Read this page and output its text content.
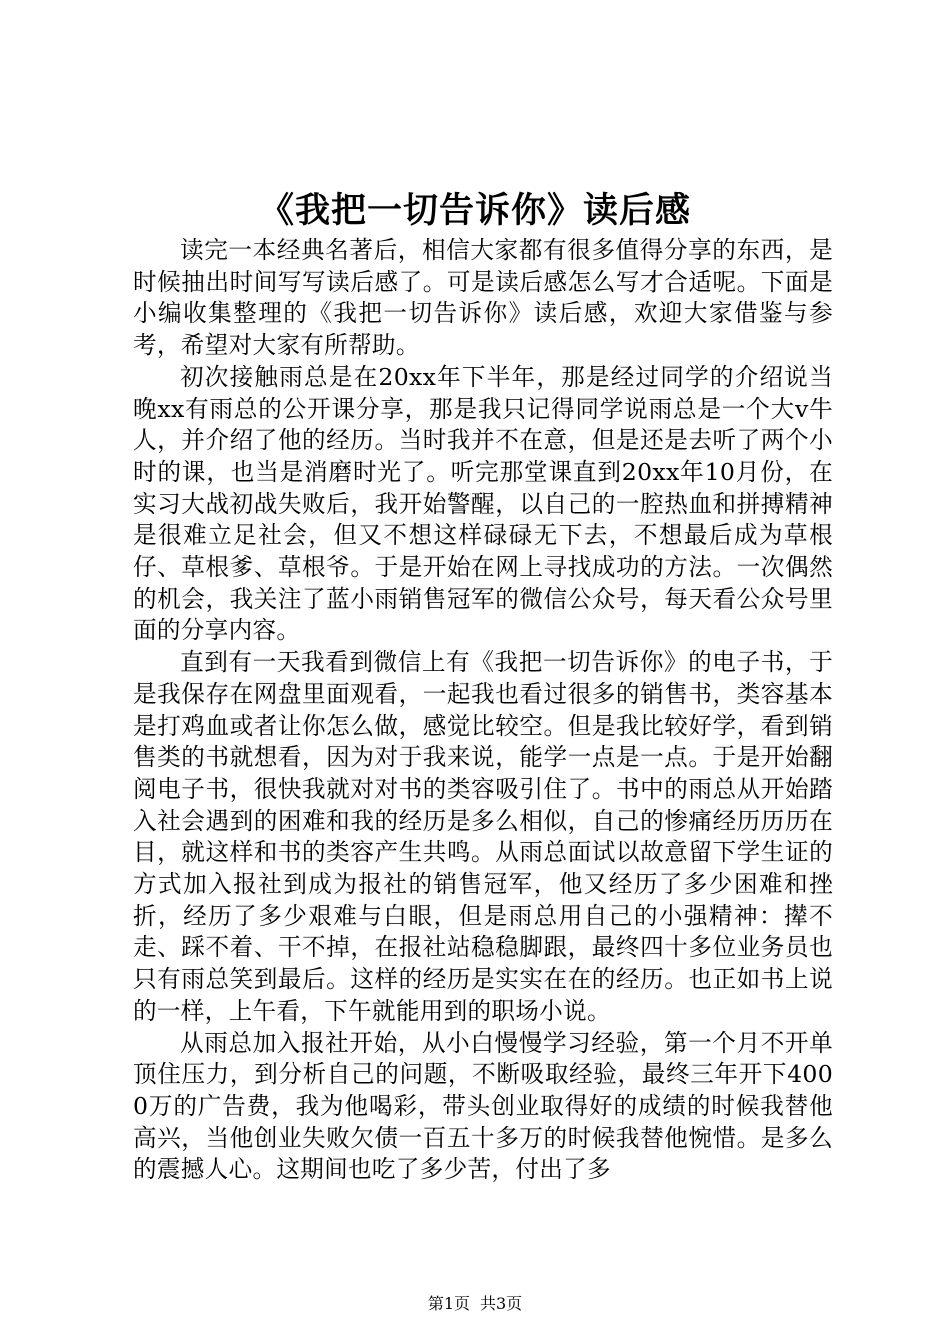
《我把一切告诉你》读后感

读完一本经典名著后，相信大家都有很多值得分享的东西，是时候抽出时间写写读后感了。可是读后感怎么写才合适呢。下面是小编收集整理的《我把一切告诉你》读后感，欢迎大家借鉴与参考，希望对大家有所帮助。

初次接触雨总是在20xx年下半年，那是经过同学的介绍说当晚xx有雨总的公开课分享，那是我只记得同学说雨总是一个大v牛人，并介绍了他的经历。当时我并不在意，但是还是去听了两个小时的课，也当是消磨时光了。听完那堂课直到20xx年10月份，在实习大战初战失败后，我开始警醒，以自己的一腔热血和拼搏精神是很难立足社会，但又不想这样碌碌无下去，不想最后成为草根仔、草根爹、草根爷。于是开始在网上寻找成功的方法。一次偶然的机会，我关注了蓝小雨销售冠军的微信公众号，每天看公众号里面的分享内容。

直到有一天我看到微信上有《我把一切告诉你》的电子书，于是我保存在网盘里面观看，一起我也看过很多的销售书，类容基本是打鸡血或者让你怎么做，感觉比较空。但是我比较好学，看到销售类的书就想看，因为对于我来说，能学一点是一点。于是开始翻阅电子书，很快我就对对书的类容吸引住了。书中的雨总从开始踏入社会遇到的困难和我的经历是多么相似，自己的惨痛经历历历在目，就这样和书的类容产生共鸣。从雨总面试以故意留下学生证的方式加入报社到成为报社的销售冠军，他又经历了多少困难和挫折，经历了多少艰难与白眼，但是雨总用自己的小强精神：撵不走、踩不着、干不掉，在报社站稳稳脚跟，最终四十多位业务员也只有雨总笑到最后。这样的经历是实实在在的经历。也正如书上说的一样，上午看，下午就能用到的职场小说。

从雨总加入报社开始，从小白慢慢学习经验，第一个月不开单顶住压力，到分析自己的问题，不断吸取经验，最终三年开下4000万的广告费，我为他喝彩，带头创业取得好的成绩的时候我替他高兴，当他创业失败欠债一百五十多万的时候我替他惋惜。是多么的震撼人心。这期间也吃了多少苦，付出了多

第1页 共3页
